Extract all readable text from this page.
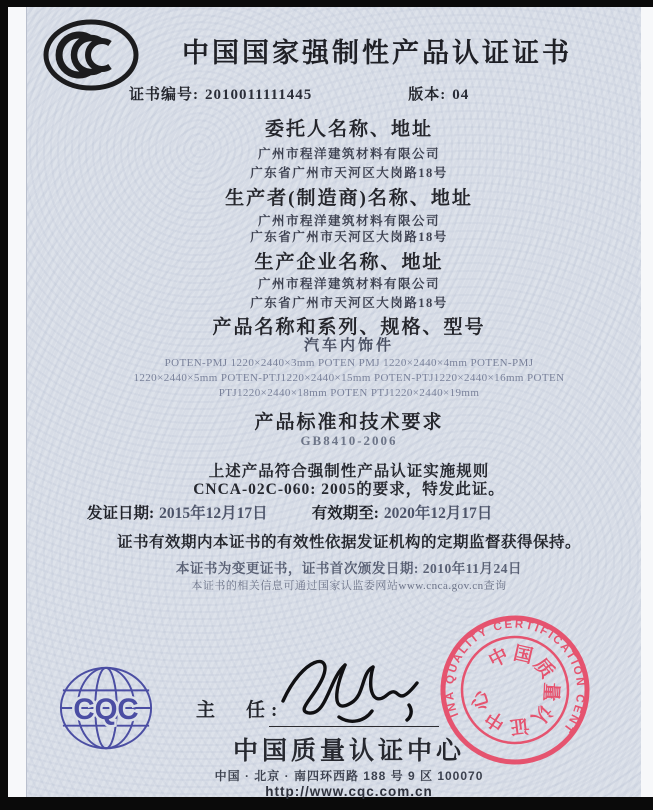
中国国家强制性产品认证证书
证书编号: 2010011111445	版本: 04
委托人名称、地址
广州市程洋建筑材料有限公司
广东省广州市天河区大岗路18号
生产者(制造商)名称、地址
广州市程洋建筑材料有限公司
广东省广州市天河区大岗路18号
生产企业名称、地址
广州市程洋建筑材料有限公司
广东省广州市天河区大岗路18号
产品名称和系列、规格、型号
汽车内饰件
POTEN-PMJ 1220×2440×3mm POTEN PMJ 1220×2440×4mm POTEN-PMJ
1220×2440×5mm POTEN-PTJ1220×2440×15mm POTEN-PTJ1220×2440×16mm POTEN
PTJ1220×2440×18mm POTEN PTJ1220×2440×19mm
产品标准和技术要求
GB8410-2006
上述产品符合强制性产品认证实施规则
CNCA-02C-060: 2005的要求，特发此证。
发证日期: 2015年12月17日	有效期至: 2020年12月17日
证书有效期内本证书的有效性依据发证机构的定期监督获得保持。
本证书为变更证书，证书首次颁发日期: 2010年11月24日
本证书的相关信息可通过国家认监委网站www.cnca.gov.cn查询
CQC	主　任:
中国质量认证中心
中国 · 北京 · 南四环西路 188 号 9 区 100070
http://www.cqc.com.cn
CHINA QUALITY CERTIFICATION CENTRE
中 国
质
量
认
证
中
心
